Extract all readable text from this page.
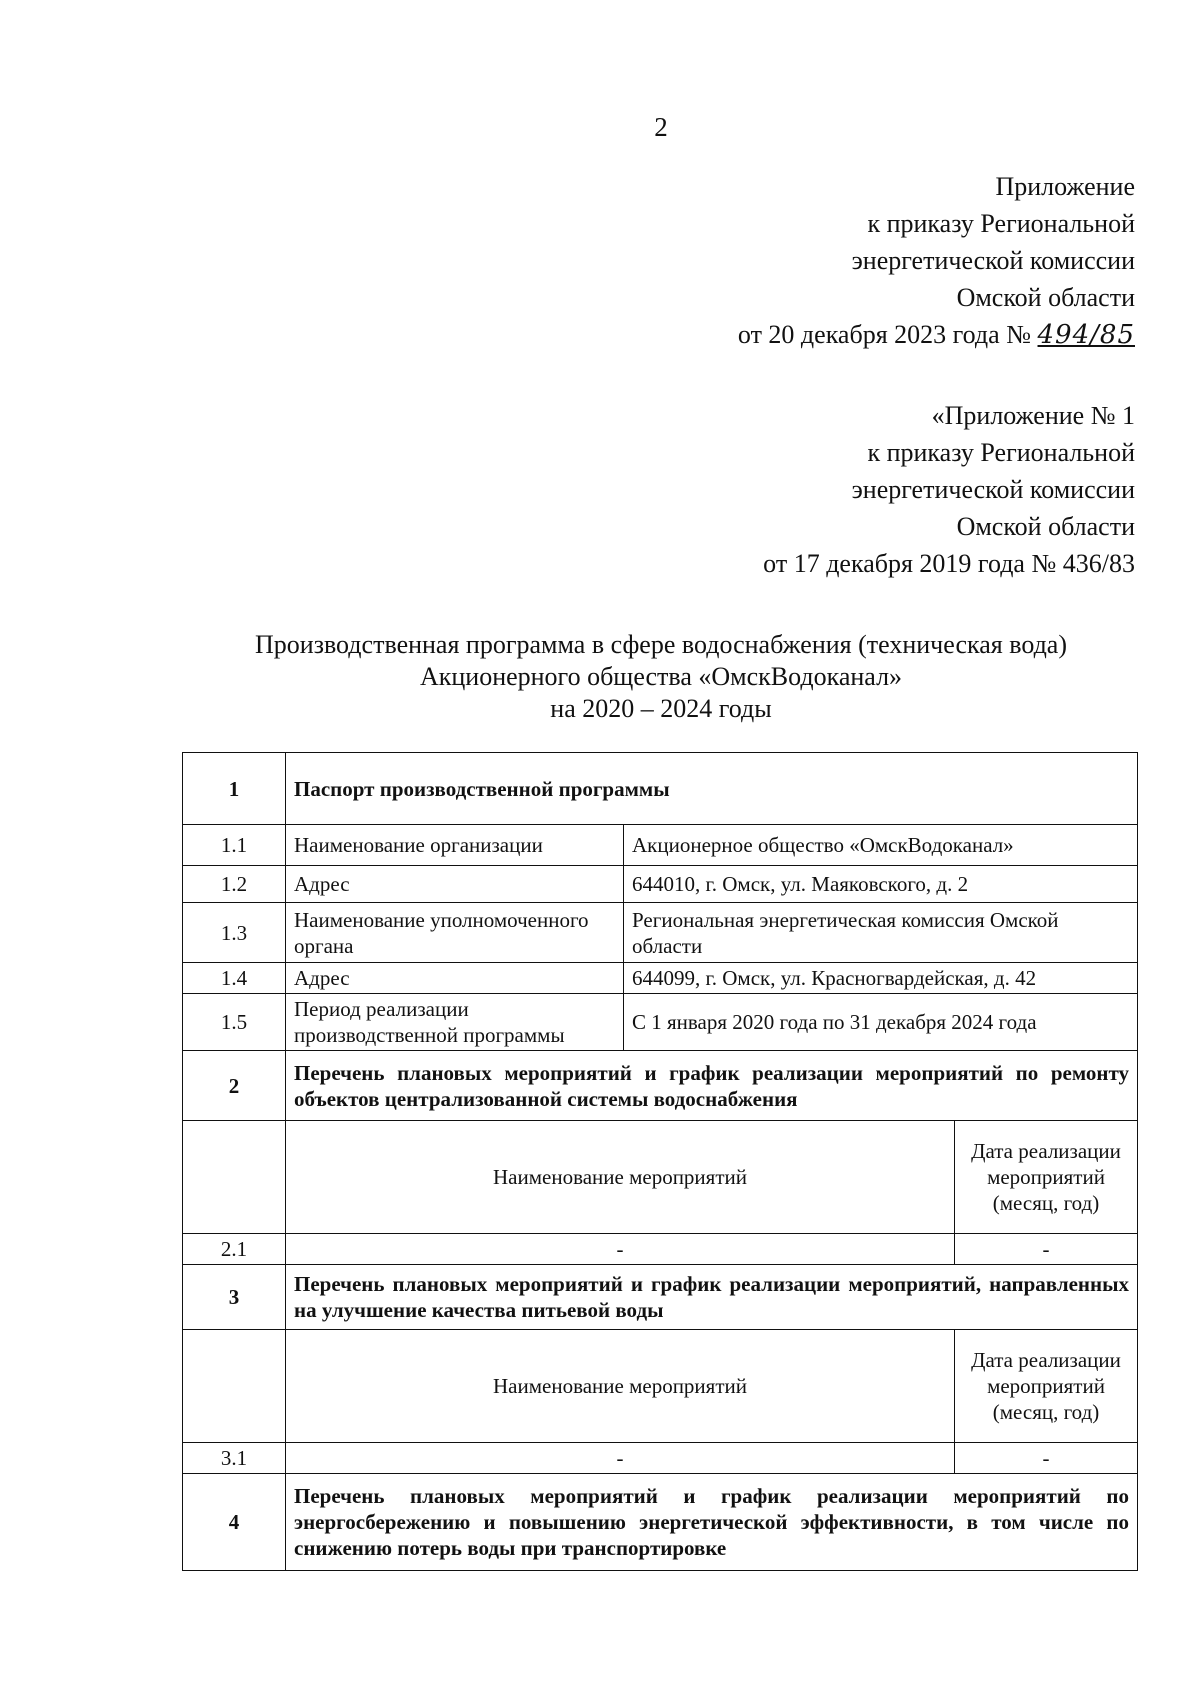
2
Приложение
к приказу Региональной
энергетической комиссии
Омской области
от 20 декабря 2023 года № 494/85
«Приложение № 1
к приказу Региональной
энергетической комиссии
Омской области
от 17 декабря 2019 года № 436/83
Производственная программа в сфере водоснабжения (техническая вода)
Акционерного общества «ОмскВодоканал»
на 2020 – 2024 годы
1	Паспорт производственной программы		
1.1	Наименование организации	Акционерное общество «ОмскВодоканал»	
1.2	Адрес	644010, г. Омск, ул. Маяковского, д. 2	
1.3	Наименование уполномоченного органа	Региональная энергетическая комиссия Омской области	
1.4	Адрес	644099, г. Омск, ул. Красногвардейская, д. 42	
1.5	Период реализации производственной программы	С 1 января 2020 года по 31 декабря 2024 года	
2	Перечень плановых мероприятий и график реализации мероприятий по ремонту объектов централизованной системы водоснабжения		
	Наименование мероприятий		Дата реализации мероприятий (месяц, год)
2.1	-		-
3	Перечень плановых мероприятий и график реализации мероприятий, направленных на улучшение качества питьевой воды		
	Наименование мероприятий		Дата реализации мероприятий (месяц, год)
3.1	-		-
4	Перечень плановых мероприятий и график реализации мероприятий по энергосбережению и повышению энергетической эффективности, в том числе по снижению потерь воды при транспортировке		
